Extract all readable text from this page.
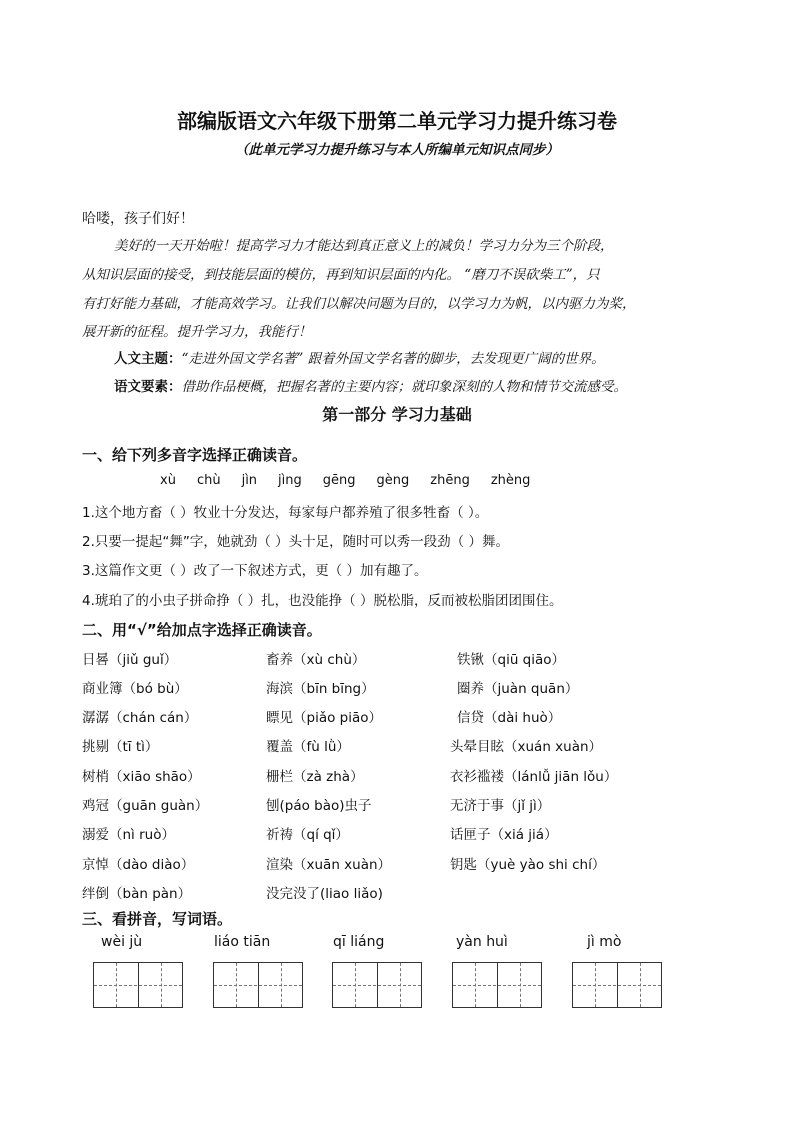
部编版语文六年级下册第二单元学习力提升练习卷
（此单元学习力提升练习与本人所编单元知识点同步）
哈喽，孩子们好！
美好的一天开始啦！提高学习力才能达到真正意义上的减负！学习力分为三个阶段，
从知识层面的接受，到技能层面的模仿，再到知识层面的内化。 “磨刀不误砍柴工”，只
有打好能力基础，才能高效学习。让我们以解决问题为目的，以学习力为帆，以内驱力为桨，
展开新的征程。提升学习力，我能行！
人文主题：“走进外国文学名著” 跟着外国文学名著的脚步，去发现更广阔的世界。
语文要素：借助作品梗概，把握名著的主要内容；就印象深刻的人物和情节交流感受。
第一部分 学习力基础
一、给下列多音字选择正确读音。
xù chù jìn jìng gēng gèng zhēng zhèng
1.这个地方畜（ ）牧业十分发达，每家每户都养殖了很多牲畜（ ）。
2.只要一提起“舞”字，她就劲（ ）头十足，随时可以秀一段劲（ ）舞。
3.这篇作文更（ ）改了一下叙述方式，更（ ）加有趣了。
4.琥珀了的小虫子拼命挣（ ）扎，也没能挣（ ）脱松脂，反而被松脂团团围住。
二、用“√”给加点字选择正确读音。
日晷（jiǔ guǐ）	畜养（xù chù）	铁锹（qiū qiāo）
商业簿（bó bù）	海滨（bīn bīng）	圈养（juàn quān）
潺潺（chán cán）	瞟见（piǎo piāo）	信贷（dài huò）
挑剔（tī tì）	覆盖（fù lǜ）	头晕目眩（xuán xuàn）
树梢（xiāo shāo）	栅栏（zà zhà）	衣衫褴褛（lánlǚ jiān lǒu）
鸡冠（guān guàn）	刨(páo bào)虫子	无济于事（jǐ jì）
溺爱（nì ruò）	祈祷（qí qǐ）	话匣子（xiá jiá）
京悼（dào diào）	渲染（xuān xuàn）	钥匙（yuè yào shi chí）
绊倒（bàn pàn）	没完没了(liao liǎo)
三、看拼音，写词语。
wèi jù	liáo tiān	qī liáng	yàn huì	jì mò
